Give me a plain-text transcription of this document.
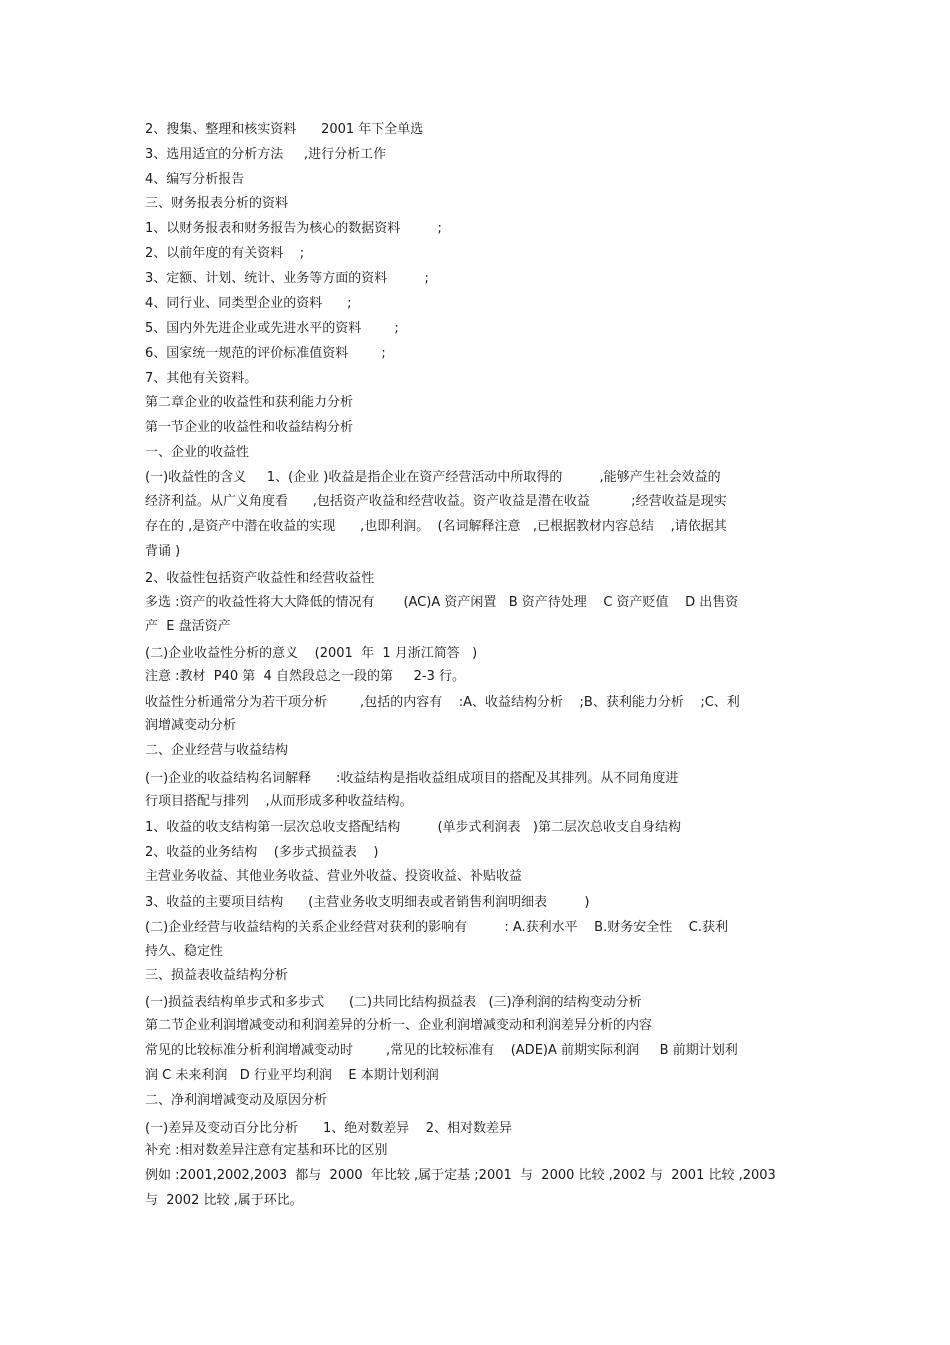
2、搜集、整理和核实资料      2001 年下全单选
3、选用适宜的分析方法     ,进行分析工作
4、编写分析报告
三、财务报表分析的资料
1、以财务报表和财务报告为核心的数据资料         ;
2、以前年度的有关资料    ;
3、定额、计划、统计、业务等方面的资料         ;
4、同行业、同类型企业的资料      ;
5、国内外先进企业或先进水平的资料        ;
6、国家统一规范的评价标准值资料        ;
7、其他有关资料。
第二章企业的收益性和获利能力分析
第一节企业的收益性和收益结构分析
一、企业的收益性
(一)收益性的含义     1、(企业 )收益是指企业在资产经营活动中所取得的         ,能够产生社会效益的
经济利益。从广义角度看      ,包括资产收益和经营收益。资产收益是潜在收益          ;经营收益是现实
存在的 ,是资产中潜在收益的实现      ,也即利润。  (名词解释注意   ,已根据教材内容总结    ,请依据其
背诵 )
2、收益性包括资产收益性和经营收益性
多选 :资产的收益性将大大降低的情况有       (AC)A 资产闲置   B 资产待处理    C 资产贬值    D 出售资
产  E 盘活资产
(二)企业收益性分析的意义    (2001  年  1 月浙江简答   )
注意 :教材  P40 第  4 自然段总之一段的第     2-3 行。
收益性分析通常分为若干项分析        ,包括的内容有    :A、收益结构分析    ;B、获利能力分析    ;C、利
润增减变动分析
二、企业经营与收益结构
(一)企业的收益结构名词解释      :收益结构是指收益组成项目的搭配及其排列。从不同角度进
行项目搭配与排列    ,从而形成多种收益结构。
1、收益的收支结构第一层次总收支搭配结构         (单步式利润表   )第二层次总收支自身结构
2、收益的业务结构    (多步式损益表    )
主营业务收益、其他业务收益、营业外收益、投资收益、补贴收益
3、收益的主要项目结构      (主营业务收支明细表或者销售利润明细表         )
(二)企业经营与收益结构的关系企业经营对获利的影响有         : A.获利水平    B.财务安全性    C.获利
持久、稳定性
三、损益表收益结构分析
(一)损益表结构单步式和多步式      (二)共同比结构损益表   (三)净利润的结构变动分析
第二节企业利润增减变动和利润差异的分析一、企业利润增减变动和利润差异分析的内容
常见的比较标准分析利润增减变动时        ,常见的比较标准有    (ADE)A 前期实际利润     B 前期计划利
润 C 未来利润   D 行业平均利润    E 本期计划利润
二、净利润增减变动及原因分析
(一)差异及变动百分比分析      1、绝对数差异    2、相对数差异
补充 :相对数差异注意有定基和环比的区别
例如 :2001,2002,2003  都与  2000  年比较 ,属于定基 ;2001  与  2000 比较 ,2002 与  2001 比较 ,2003
与  2002 比较 ,属于环比。
